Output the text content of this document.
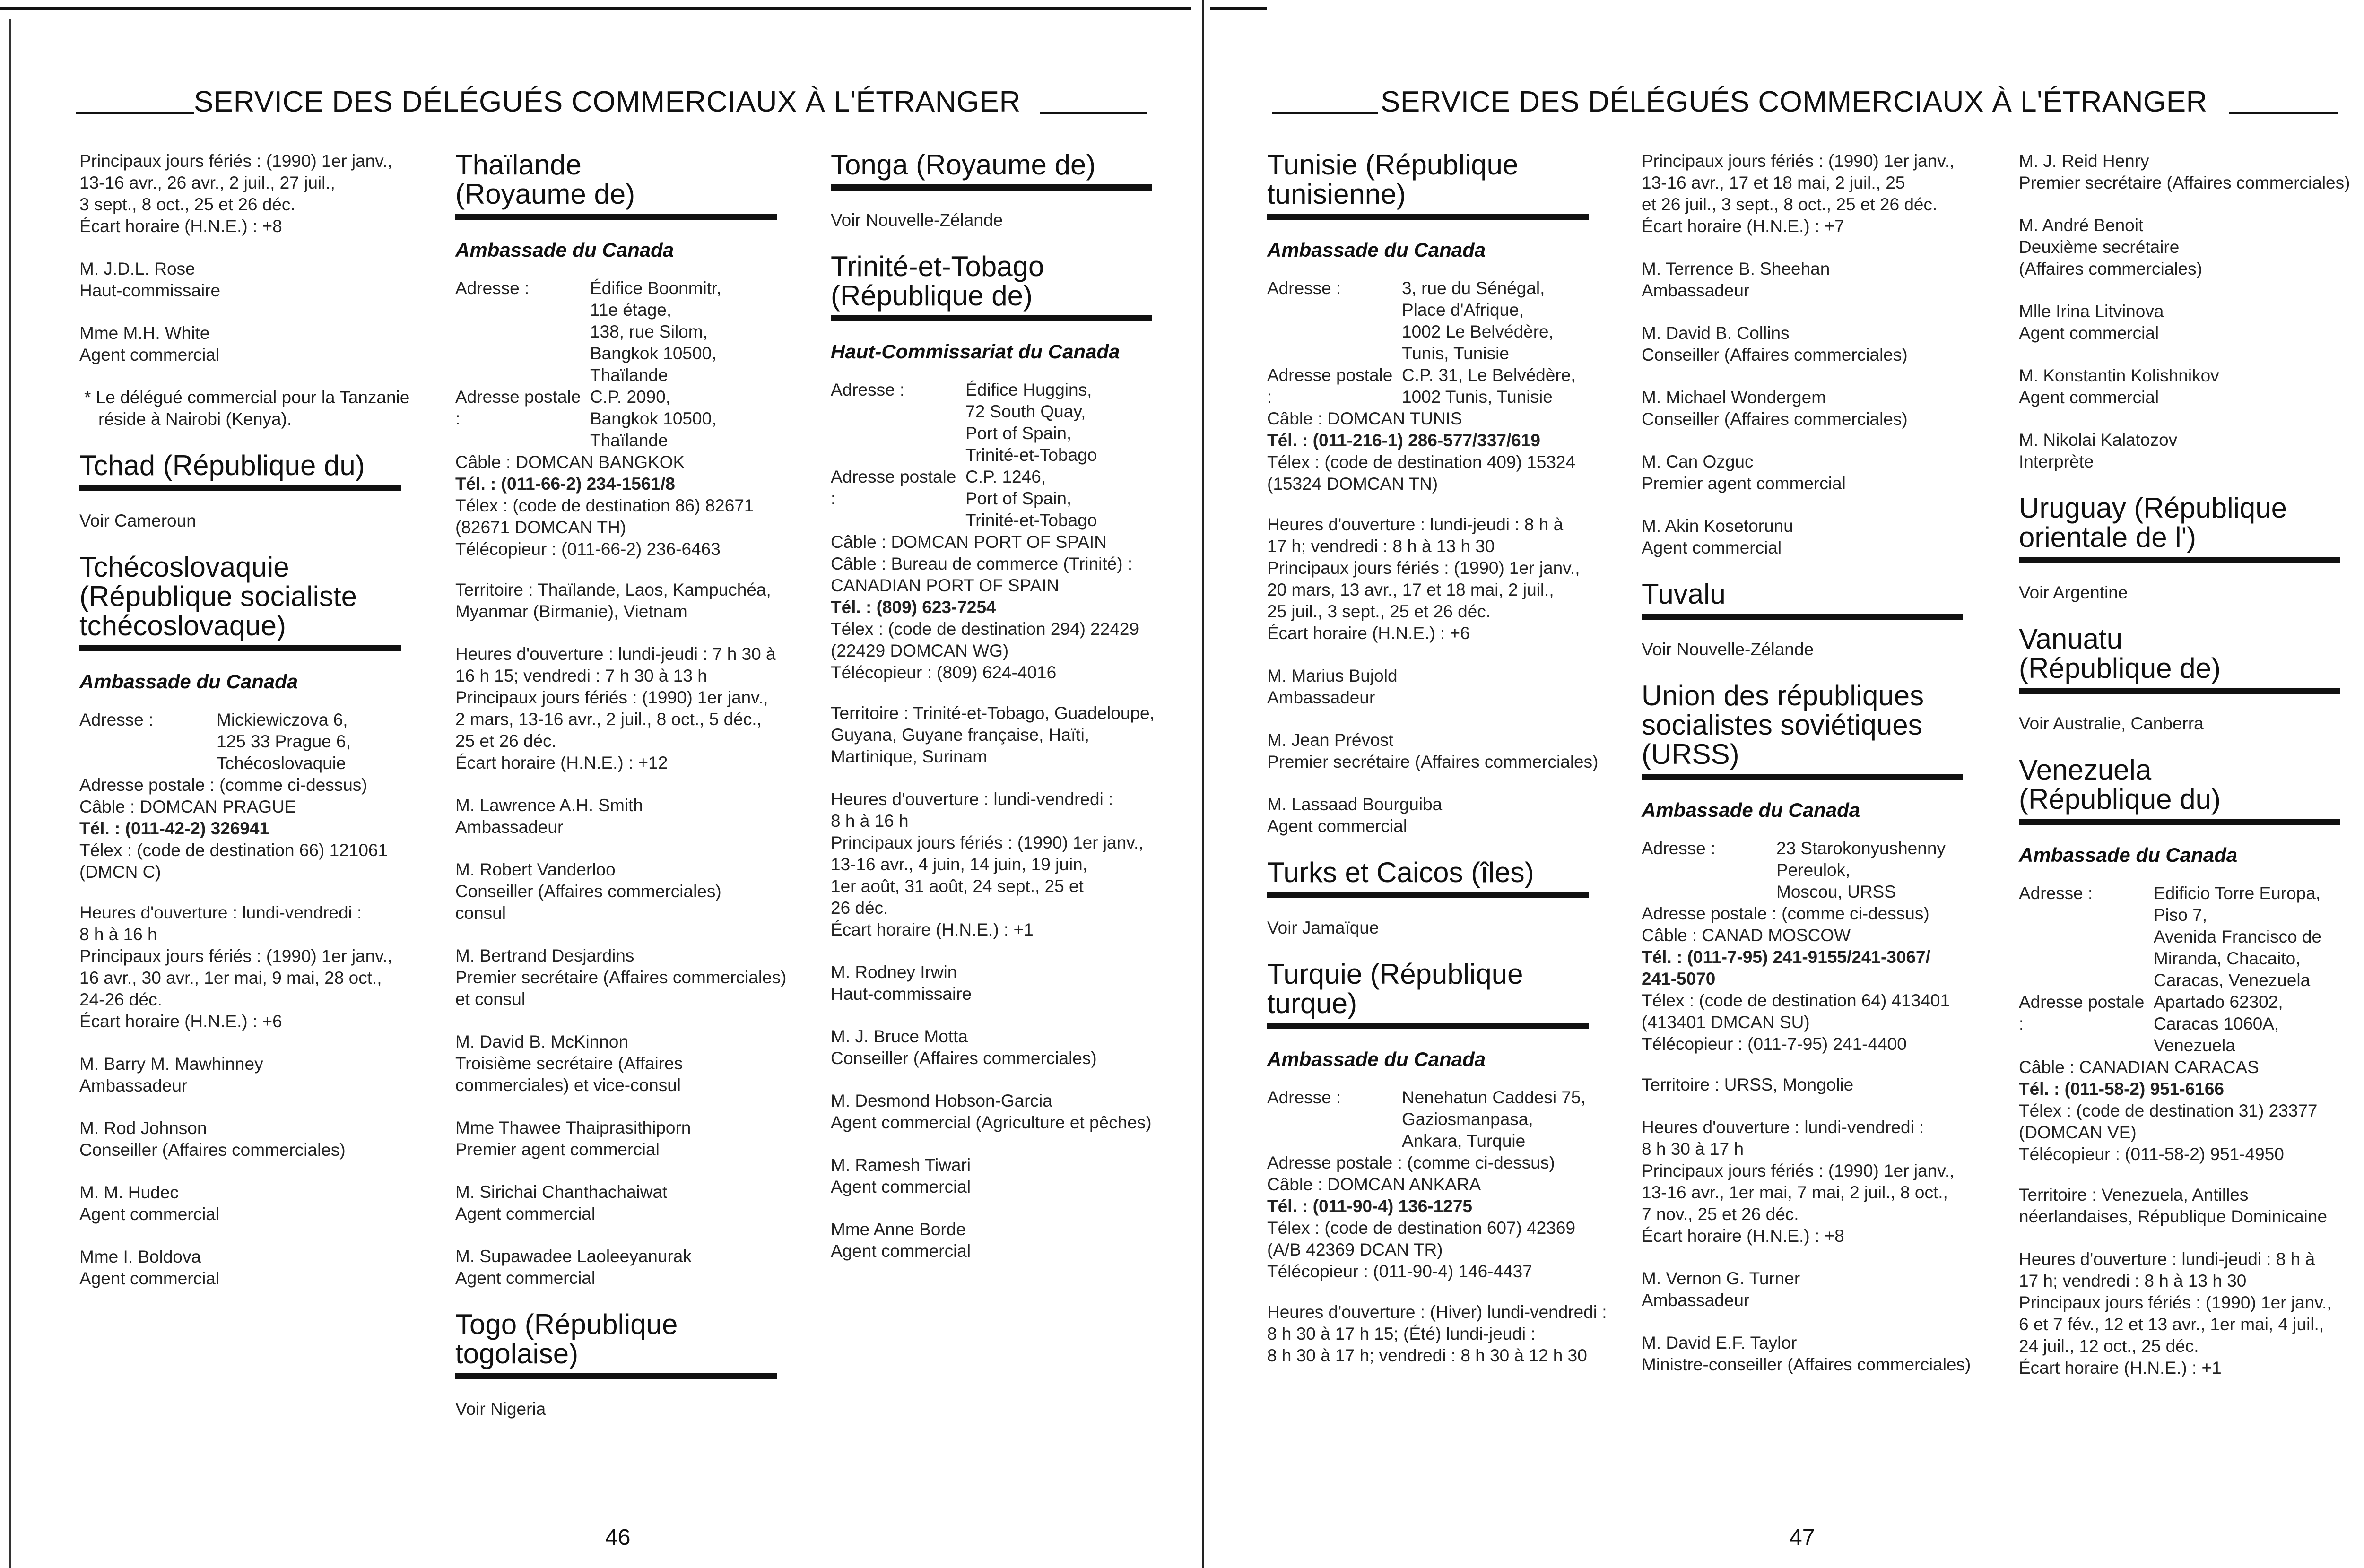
SERVICE DES DÉLÉGUÉS COMMERCIAUX À L'ÉTRANGER
Principaux jours fériés : (1990) 1er janv.,
13-16 avr., 26 avr., 2 juil., 27 juil.,
3 sept., 8 oct., 25 et 26 déc.
Écart horaire (H.N.E.) : +8
M. J.D.L. Rose
Haut-commissaire
Mme M.H. White
Agent commercial
* Le délégué commercial pour la Tanzanie
réside à Nairobi (Kenya).
Tchad (République du)
Voir Cameroun
Tchécoslovaquie
(République socialiste
tchécoslovaque)
Ambassade du Canada
Adresse :	Mickiewiczova 6,
125 33 Prague 6,
Tchécoslovaquie
Adresse postale : (comme ci-dessus)
Câble : DOMCAN PRAGUE
Tél. : (011-42-2) 326941
Télex : (code de destination 66) 121061
(DMCN C)
Heures d'ouverture : lundi-vendredi :
8 h à 16 h
Principaux jours fériés : (1990) 1er janv.,
16 avr., 30 avr., 1er mai, 9 mai, 28 oct.,
24-26 déc.
Écart horaire (H.N.E.) : +6
M. Barry M. Mawhinney
Ambassadeur
M. Rod Johnson
Conseiller (Affaires commerciales)
M. M. Hudec
Agent commercial
Mme I. Boldova
Agent commercial
Thaïlande
(Royaume de)
Ambassade du Canada
Adresse :	Édifice Boonmitr,
11e étage,
138, rue Silom,
Bangkok 10500,
Thaïlande
Adresse postale :
C.P. 2090,
Bangkok 10500,
Thaïlande
Câble : DOMCAN BANGKOK
Tél. : (011-66-2) 234-1561/8
Télex : (code de destination 86) 82671
(82671 DOMCAN TH)
Télécopieur : (011-66-2) 236-6463
Territoire : Thaïlande, Laos, Kampuchéa,
Myanmar (Birmanie), Vietnam
Heures d'ouverture : lundi-jeudi : 7 h 30 à
16 h 15; vendredi : 7 h 30 à 13 h
Principaux jours fériés : (1990) 1er janv.,
2 mars, 13-16 avr., 2 juil., 8 oct., 5 déc.,
25 et 26 déc.
Écart horaire (H.N.E.) : +12
M. Lawrence A.H. Smith
Ambassadeur
M. Robert Vanderloo
Conseiller (Affaires commerciales)
consul
M. Bertrand Desjardins
Premier secrétaire (Affaires commerciales)
et consul
M. David B. McKinnon
Troisième secrétaire (Affaires
commerciales) et vice-consul
Mme Thawee Thaiprasithiporn
Premier agent commercial
M. Sirichai Chanthachaiwat
Agent commercial
M. Supawadee Laoleeyanurak
Agent commercial
Togo (République
togolaise)
Voir Nigeria
Tonga (Royaume de)
Voir Nouvelle-Zélande
Trinité-et-Tobago
(République de)
Haut-Commissariat du Canada
Adresse :	Édifice Huggins,
72 South Quay,
Port of Spain,
Trinité-et-Tobago
Adresse postale :
C.P. 1246,
Port of Spain,
Trinité-et-Tobago
Câble : DOMCAN PORT OF SPAIN
Câble : Bureau de commerce (Trinité) :
CANADIAN PORT OF SPAIN
Tél. : (809) 623-7254
Télex : (code de destination 294) 22429
(22429 DOMCAN WG)
Télécopieur : (809) 624-4016
Territoire : Trinité-et-Tobago, Guadeloupe,
Guyana, Guyane française, Haïti,
Martinique, Surinam
Heures d'ouverture : lundi-vendredi :
8 h à 16 h
Principaux jours fériés : (1990) 1er janv.,
13-16 avr., 4 juin, 14 juin, 19 juin,
1er août, 31 août, 24 sept., 25 et
26 déc.
Écart horaire (H.N.E.) : +1
M. Rodney Irwin
Haut-commissaire
M. J. Bruce Motta
Conseiller (Affaires commerciales)
M. Desmond Hobson-Garcia
Agent commercial (Agriculture et pêches)
M. Ramesh Tiwari
Agent commercial
Mme Anne Borde
Agent commercial
46
SERVICE DES DÉLÉGUÉS COMMERCIAUX À L'ÉTRANGER
Tunisie (République
tunisienne)
Ambassade du Canada
Adresse :	3, rue du Sénégal,
Place d'Afrique,
1002 Le Belvédère,
Tunis, Tunisie
Adresse postale :
C.P. 31, Le Belvédère,
1002 Tunis, Tunisie
Câble : DOMCAN TUNIS
Tél. : (011-216-1) 286-577/337/619
Télex : (code de destination 409) 15324
(15324 DOMCAN TN)
Heures d'ouverture : lundi-jeudi : 8 h à
17 h; vendredi : 8 h à 13 h 30
Principaux jours fériés : (1990) 1er janv.,
20 mars, 13 avr., 17 et 18 mai, 2 juil.,
25 juil., 3 sept., 25 et 26 déc.
Écart horaire (H.N.E.) : +6
M. Marius Bujold
Ambassadeur
M. Jean Prévost
Premier secrétaire (Affaires commerciales)
M. Lassaad Bourguiba
Agent commercial
Turks et Caicos (îles)
Voir Jamaïque
Turquie (République
turque)
Ambassade du Canada
Adresse :	Nenehatun Caddesi 75,
Gaziosmanpasa,
Ankara, Turquie
Adresse postale : (comme ci-dessus)
Câble : DOMCAN ANKARA
Tél. : (011-90-4) 136-1275
Télex : (code de destination 607) 42369
(A/B 42369 DCAN TR)
Télécopieur : (011-90-4) 146-4437
Heures d'ouverture : (Hiver) lundi-vendredi :
8 h 30 à 17 h 15; (Été) lundi-jeudi :
8 h 30 à 17 h; vendredi : 8 h 30 à 12 h 30
Principaux jours fériés : (1990) 1er janv.,
13-16 avr., 17 et 18 mai, 2 juil., 25
et 26 juil., 3 sept., 8 oct., 25 et 26 déc.
Écart horaire (H.N.E.) : +7
M. Terrence B. Sheehan
Ambassadeur
M. David B. Collins
Conseiller (Affaires commerciales)
M. Michael Wondergem
Conseiller (Affaires commerciales)
M. Can Ozguc
Premier agent commercial
M. Akin Kosetorunu
Agent commercial
Tuvalu
Voir Nouvelle-Zélande
Union des républiques
socialistes soviétiques
(URSS)
Ambassade du Canada
Adresse :	23 Starokonyushenny
Pereulok,
Moscou, URSS
Adresse postale : (comme ci-dessus)
Câble : CANAD MOSCOW
Tél. : (011-7-95) 241-9155/241-3067/
241-5070
Télex : (code de destination 64) 413401
(413401 DMCAN SU)
Télécopieur : (011-7-95) 241-4400
Territoire : URSS, Mongolie
Heures d'ouverture : lundi-vendredi :
8 h 30 à 17 h
Principaux jours fériés : (1990) 1er janv.,
13-16 avr., 1er mai, 7 mai, 2 juil., 8 oct.,
7 nov., 25 et 26 déc.
Écart horaire (H.N.E.) : +8
M. Vernon G. Turner
Ambassadeur
M. David E.F. Taylor
Ministre-conseiller (Affaires commerciales)
M. J. Reid Henry
Premier secrétaire (Affaires commerciales)
M. André Benoit
Deuxième secrétaire
(Affaires commerciales)
Mlle Irina Litvinova
Agent commercial
M. Konstantin Kolishnikov
Agent commercial
M. Nikolai Kalatozov
Interprète
Uruguay (République
orientale de l')
Voir Argentine
Vanuatu
(République de)
Voir Australie, Canberra
Venezuela
(République du)
Ambassade du Canada
Adresse :	Edificio Torre Europa,
Piso 7,
Avenida Francisco de
Miranda, Chacaito,
Caracas, Venezuela
Adresse postale :
Apartado 62302,
Caracas 1060A,
Venezuela
Câble : CANADIAN CARACAS
Tél. : (011-58-2) 951-6166
Télex : (code de destination 31) 23377
(DOMCAN VE)
Télécopieur : (011-58-2) 951-4950
Territoire : Venezuela, Antilles
néerlandaises, République Dominicaine
Heures d'ouverture : lundi-jeudi : 8 h à
17 h; vendredi : 8 h à 13 h 30
Principaux jours fériés : (1990) 1er janv.,
6 et 7 fév., 12 et 13 avr., 1er mai, 4 juil.,
24 juil., 12 oct., 25 déc.
Écart horaire (H.N.E.) : +1
47
